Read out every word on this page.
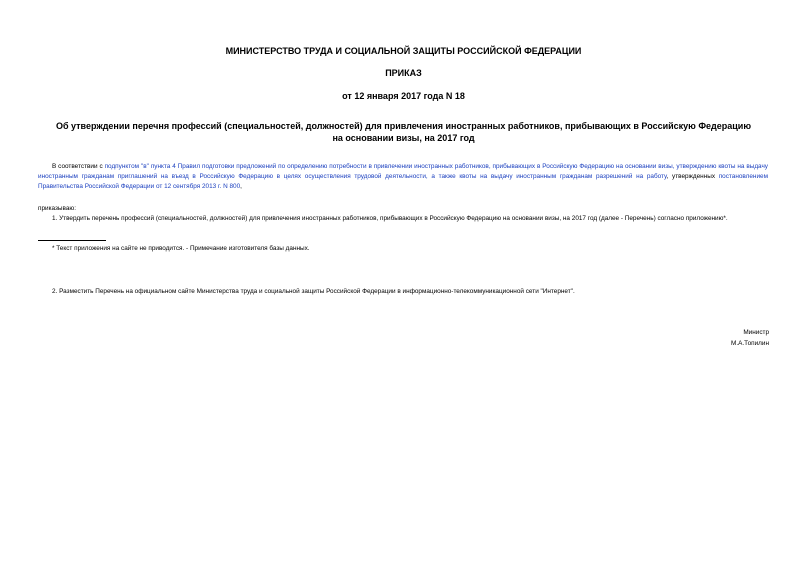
МИНИСТЕРСТВО ТРУДА И СОЦИАЛЬНОЙ ЗАЩИТЫ РОССИЙСКОЙ ФЕДЕРАЦИИ
ПРИКАЗ
от 12 января 2017 года N 18
Об утверждении перечня профессий (специальностей, должностей) для привлечения иностранных работников, прибывающих в Российскую Федерацию на основании визы, на 2017 год
В соответствии с подпунктом "в" пункта 4 Правил подготовки предложений по определению потребности в привлечении иностранных работников, прибывающих в Российскую Федерацию на основании визы, утверждению квоты на выдачу иностранным гражданам приглашений на въезд в Российскую Федерацию в целях осуществления трудовой деятельности, а также квоты на выдачу иностранным гражданам разрешений на работу, утвержденных постановлением Правительства Российской Федерации от 12 сентября 2013 г. N 800,
приказываю:
1. Утвердить перечень профессий (специальностей, должностей) для привлечения иностранных работников, прибывающих в Российскую Федерацию на основании визы, на 2017 год (далее - Перечень) согласно приложению*.
* Текст приложения на сайте не приводится. - Примечание изготовителя базы данных.
2. Разместить Перечень на официальном сайте Министерства труда и социальной защиты Российской Федерации в информационно-телекоммуникационной сети "Интернет".
Министр
М.А.Топилин
